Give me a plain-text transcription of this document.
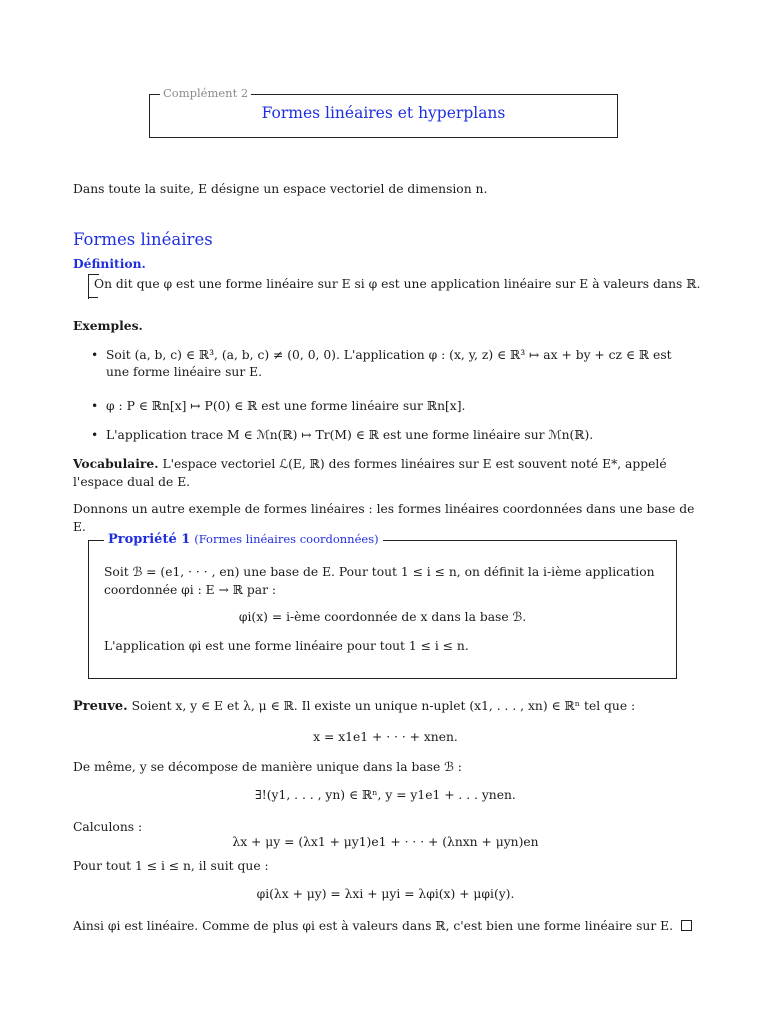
Complément 2
Formes linéaires et hyperplans
Dans toute la suite, E désigne un espace vectoriel de dimension n.
Formes linéaires
Définition.
On dit que φ est une forme linéaire sur E si φ est une application linéaire sur E à valeurs dans ℝ.
Exemples.
• Soit (a, b, c) ∈ ℝ³, (a, b, c) ≠ (0, 0, 0). L'application φ : (x, y, z) ∈ ℝ³ ↦ ax + by + cz ∈ ℝ est une forme linéaire sur E.
• φ : P ∈ ℝn[x] ↦ P(0) ∈ ℝ est une forme linéaire sur ℝn[x].
• L'application trace M ∈ ℳn(ℝ) ↦ Tr(M) ∈ ℝ est une forme linéaire sur ℳn(ℝ).
Vocabulaire. L'espace vectoriel ℒ(E, ℝ) des formes linéaires sur E est souvent noté E*, appelé l'espace dual de E.
Donnons un autre exemple de formes linéaires : les formes linéaires coordonnées dans une base de E.
Propriété 1 (Formes linéaires coordonnées)
Soit ℬ = (e1, · · · , en) une base de E. Pour tout 1 ≤ i ≤ n, on définit la i-ième application coordonnée φi : E → ℝ par :
φi(x) = i-ème coordonnée de x dans la base ℬ.
L'application φi est une forme linéaire pour tout 1 ≤ i ≤ n.
Preuve. Soient x, y ∈ E et λ, μ ∈ ℝ. Il existe un unique n-uplet (x1, . . . , xn) ∈ ℝⁿ tel que :
x = x1e1 + · · · + xnen.
De même, y se décompose de manière unique dans la base ℬ :
∃!(y1, . . . , yn) ∈ ℝⁿ, y = y1e1 + . . . ynen.
Calculons :
λx + μy = (λx1 + μy1)e1 + · · · + (λnxn + μyn)en
Pour tout 1 ≤ i ≤ n, il suit que :
φi(λx + μy) = λxi + μyi = λφi(x) + μφi(y).
Ainsi φi est linéaire. Comme de plus φi est à valeurs dans ℝ, c'est bien une forme linéaire sur E.
